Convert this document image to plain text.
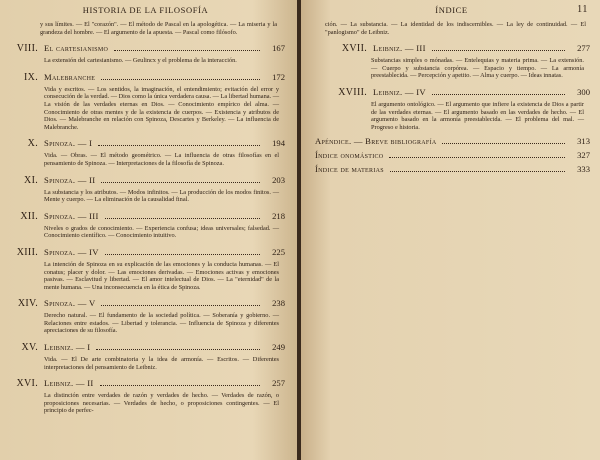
HISTORIA DE LA FILOSOFÍA
y sus límites. — El "corazón". — El método de Pascal en la apologética. — La miseria y la grandeza del hombre. — El argumento de la apuesta. — Pascal como filósofo.
VIII. El cartesianismo	167
La extensión del cartesianismo. — Geulincx y el problema de la interacción.
IX. Malebranche	172
Vida y escritos. — Los sentidos, la imaginación, el entendimiento; evitación del error y consecución de la verdad. — Dios como la única verdadera causa. — La libertad humana. — La visión de las verdades eternas en Dios. — Conocimiento empírico del alma. — Conocimiento de otras mentes y de la existencia de cuerpos. — Existencia y atributos de Dios. — Malebranche en relación con Spinoza, Descartes y Berkeley. — La influencia de Malebranche.
X. Spinoza. — I	194
Vida. — Obras. — El método geométrico. — La influencia de otras filosofías en el pensamiento de Spinoza. — Interpretaciones de la filosofía de Spinoza.
XI. Spinoza. — II	203
La substancia y los atributos. — Modos infinitos. — La producción de los modos finitos. — Mente y cuerpo. — La eliminación de la causalidad final.
XII. Spinoza. — III	218
Niveles o grados de conocimiento. — Experiencia confusa; ideas universales; falsedad. — Conocimiento científico. — Conocimiento intuitivo.
XIII. Spinoza. — IV	225
La intención de Spinoza en su explicación de las emociones y la conducta humanas. — El conatus; placer y dolor. — Las emociones derivadas. — Emociones activas y emociones pasivas. — Esclavitud y libertad. — El amor intelectual de Dios. — La "eternidad" de la mente humana. — Una inconsecuencia en la ética de Spinoza.
XIV. Spinoza. — V	238
Derecho natural. — El fundamento de la sociedad política. — Soberanía y gobierno. — Relaciones entre estados. — Libertad y tolerancia. — Influencia de Spinoza y diferentes apreciaciones de su filosofía.
XV. Leibniz. — I	249
Vida. — El De arte combinatoria y la idea de armonía. — Escritos. — Diferentes interpretaciones del pensamiento de Leibniz.
XVI. Leibniz. — II	257
La distinción entre verdades de razón y verdades de hecho. — Verdades de razón, o proposiciones necesarias. — Verdades de hecho, o proposiciones contingentes. — El principio de perfec-
ÍNDICE	11
ción. — La substancia. — La identidad de los indiscernibles. — La ley de continuidad. — El "panlogismo" de Leibniz.
XVII. Leibniz. — III	277
Substancias simples o mónadas. — Entelequias y materia prima. — La extensión. — Cuerpo y substancia corpórea. — Espacio y tiempo. — La armonía preestablecida. — Percepción y apetito. — Alma y cuerpo. — Ideas innatas.
XVIII. Leibniz. — IV	300
El argumento ontológico. — El argumento que infiere la existencia de Dios a partir de las verdades eternas. — El argumento basado en las verdades de hecho. — El argumento basado en la armonía preestablecida. — El problema del mal. — Progreso e historia.
Apéndice. — Breve bibliografía	313
Índice onomástico	327
Índice de materias	333
